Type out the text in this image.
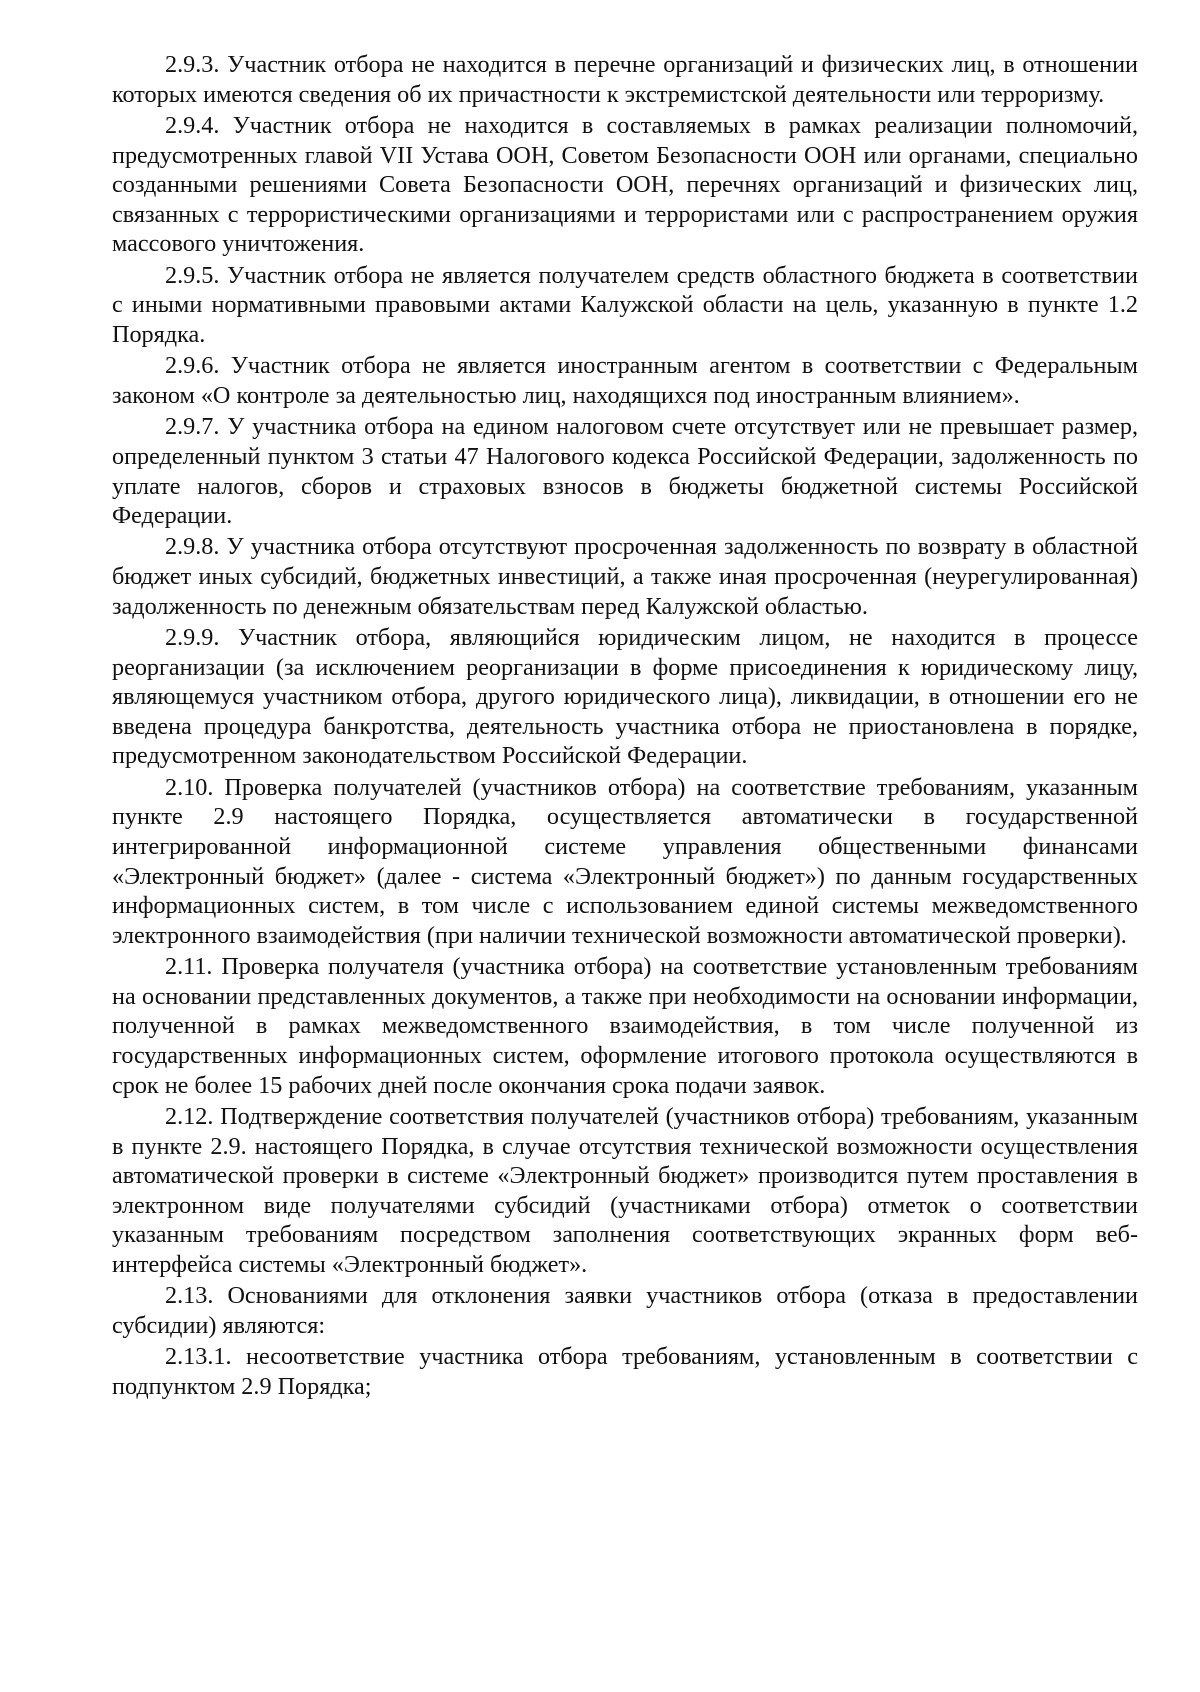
2.9.3. Участник отбора не находится в перечне организаций и физических лиц, в отношении которых имеются сведения об их причастности к экстремистской деятельности или терроризму.

2.9.4. Участник отбора не находится в составляемых в рамках реализации полномочий, предусмотренных главой VII Устава ООН, Советом Безопасности ООН или органами, специально созданными решениями Совета Безопасности ООН, перечнях организаций и физических лиц, связанных с террористическими организациями и террористами или с распространением оружия массового уничтожения.

2.9.5. Участник отбора не является получателем средств областного бюджета в соответствии с иными нормативными правовыми актами Калужской области на цель, указанную в пункте 1.2 Порядка.

2.9.6. Участник отбора не является иностранным агентом в соответствии с Федеральным законом «О контроле за деятельностью лиц, находящихся под иностранным влиянием».

2.9.7. У участника отбора на едином налоговом счете отсутствует или не превышает размер, определенный пунктом 3 статьи 47 Налогового кодекса Российской Федерации, задолженность по уплате налогов, сборов и страховых взносов в бюджеты бюджетной системы Российской Федерации.

2.9.8. У участника отбора отсутствуют просроченная задолженность по возврату в областной бюджет иных субсидий, бюджетных инвестиций, а также иная просроченная (неурегулированная) задолженность по денежным обязательствам перед Калужской областью.

2.9.9. Участник отбора, являющийся юридическим лицом, не находится в процессе реорганизации (за исключением реорганизации в форме присоединения к юридическому лицу, являющемуся участником отбора, другого юридического лица), ликвидации, в отношении его не введена процедура банкротства, деятельность участника отбора не приостановлена в порядке, предусмотренном законодательством Российской Федерации.

2.10. Проверка получателей (участников отбора) на соответствие требованиям, указанным пункте 2.9 настоящего Порядка, осуществляется автоматически в государственной интегрированной информационной системе управления общественными финансами «Электронный бюджет» (далее - система «Электронный бюджет») по данным государственных информационных систем, в том числе с использованием единой системы межведомственного электронного взаимодействия (при наличии технической возможности автоматической проверки).

2.11. Проверка получателя (участника отбора) на соответствие установленным требованиям на основании представленных документов, а также при необходимости на основании информации, полученной в рамках межведомственного взаимодействия, в том числе полученной из государственных информационных систем, оформление итогового протокола осуществляются в срок не более 15 рабочих дней после окончания срока подачи заявок.

2.12. Подтверждение соответствия получателей (участников отбора) требованиям, указанным в пункте 2.9. настоящего Порядка, в случае отсутствия технической возможности осуществления автоматической проверки в системе «Электронный бюджет» производится путем проставления в электронном виде получателями субсидий (участниками отбора) отметок о соответствии указанным требованиям посредством заполнения соответствующих экранных форм веб-интерфейса системы «Электронный бюджет».

2.13. Основаниями для отклонения заявки участников отбора (отказа в предоставлении субсидии) являются:

2.13.1. несоответствие участника отбора требованиям, установленным в соответствии с подпунктом 2.9 Порядка;
